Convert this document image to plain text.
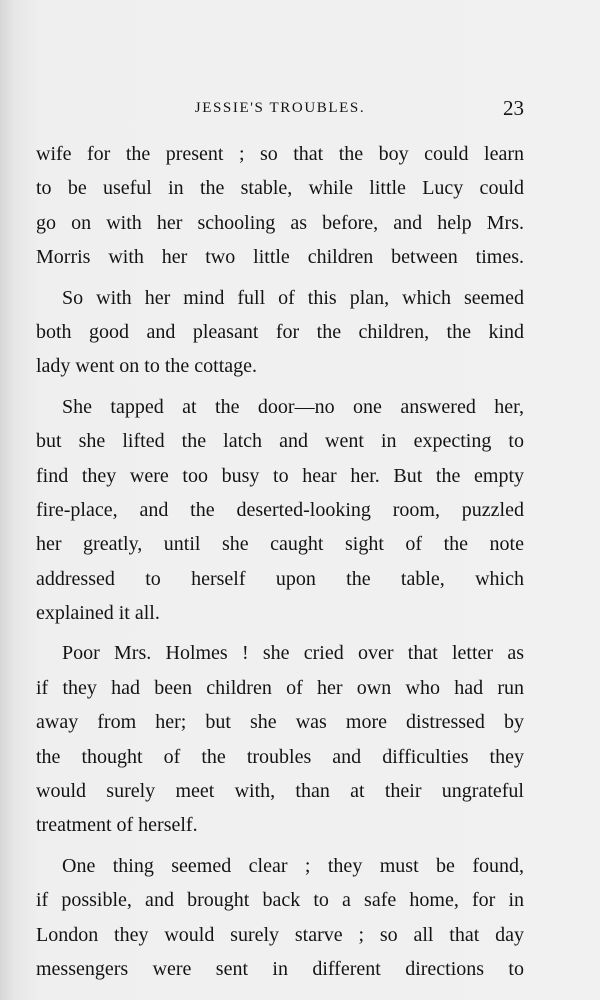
JESSIE'S TROUBLES.	23
wife for the present ; so that the boy could learn
to be useful in the stable, while little Lucy could
go on with her schooling as before, and help Mrs.
Morris with her two little children between times.
So with her mind full of this plan, which seemed
both good and pleasant for the children, the kind
lady went on to the cottage.
She tapped at the door—no one answered her,
but she lifted the latch and went in expecting to
find they were too busy to hear her. But the empty
fire-place, and the deserted-looking room, puzzled
her greatly, until she caught sight of the note
addressed to herself upon the table, which
explained it all.
Poor Mrs. Holmes ! she cried over that letter as
if they had been children of her own who had run
away from her; but she was more distressed by
the thought of the troubles and difficulties they
would surely meet with, than at their ungrateful
treatment of herself.
One thing seemed clear ; they must be found,
if possible, and brought back to a safe home, for in
London they would surely starve ; so all that day
messengers were sent in different directions to
